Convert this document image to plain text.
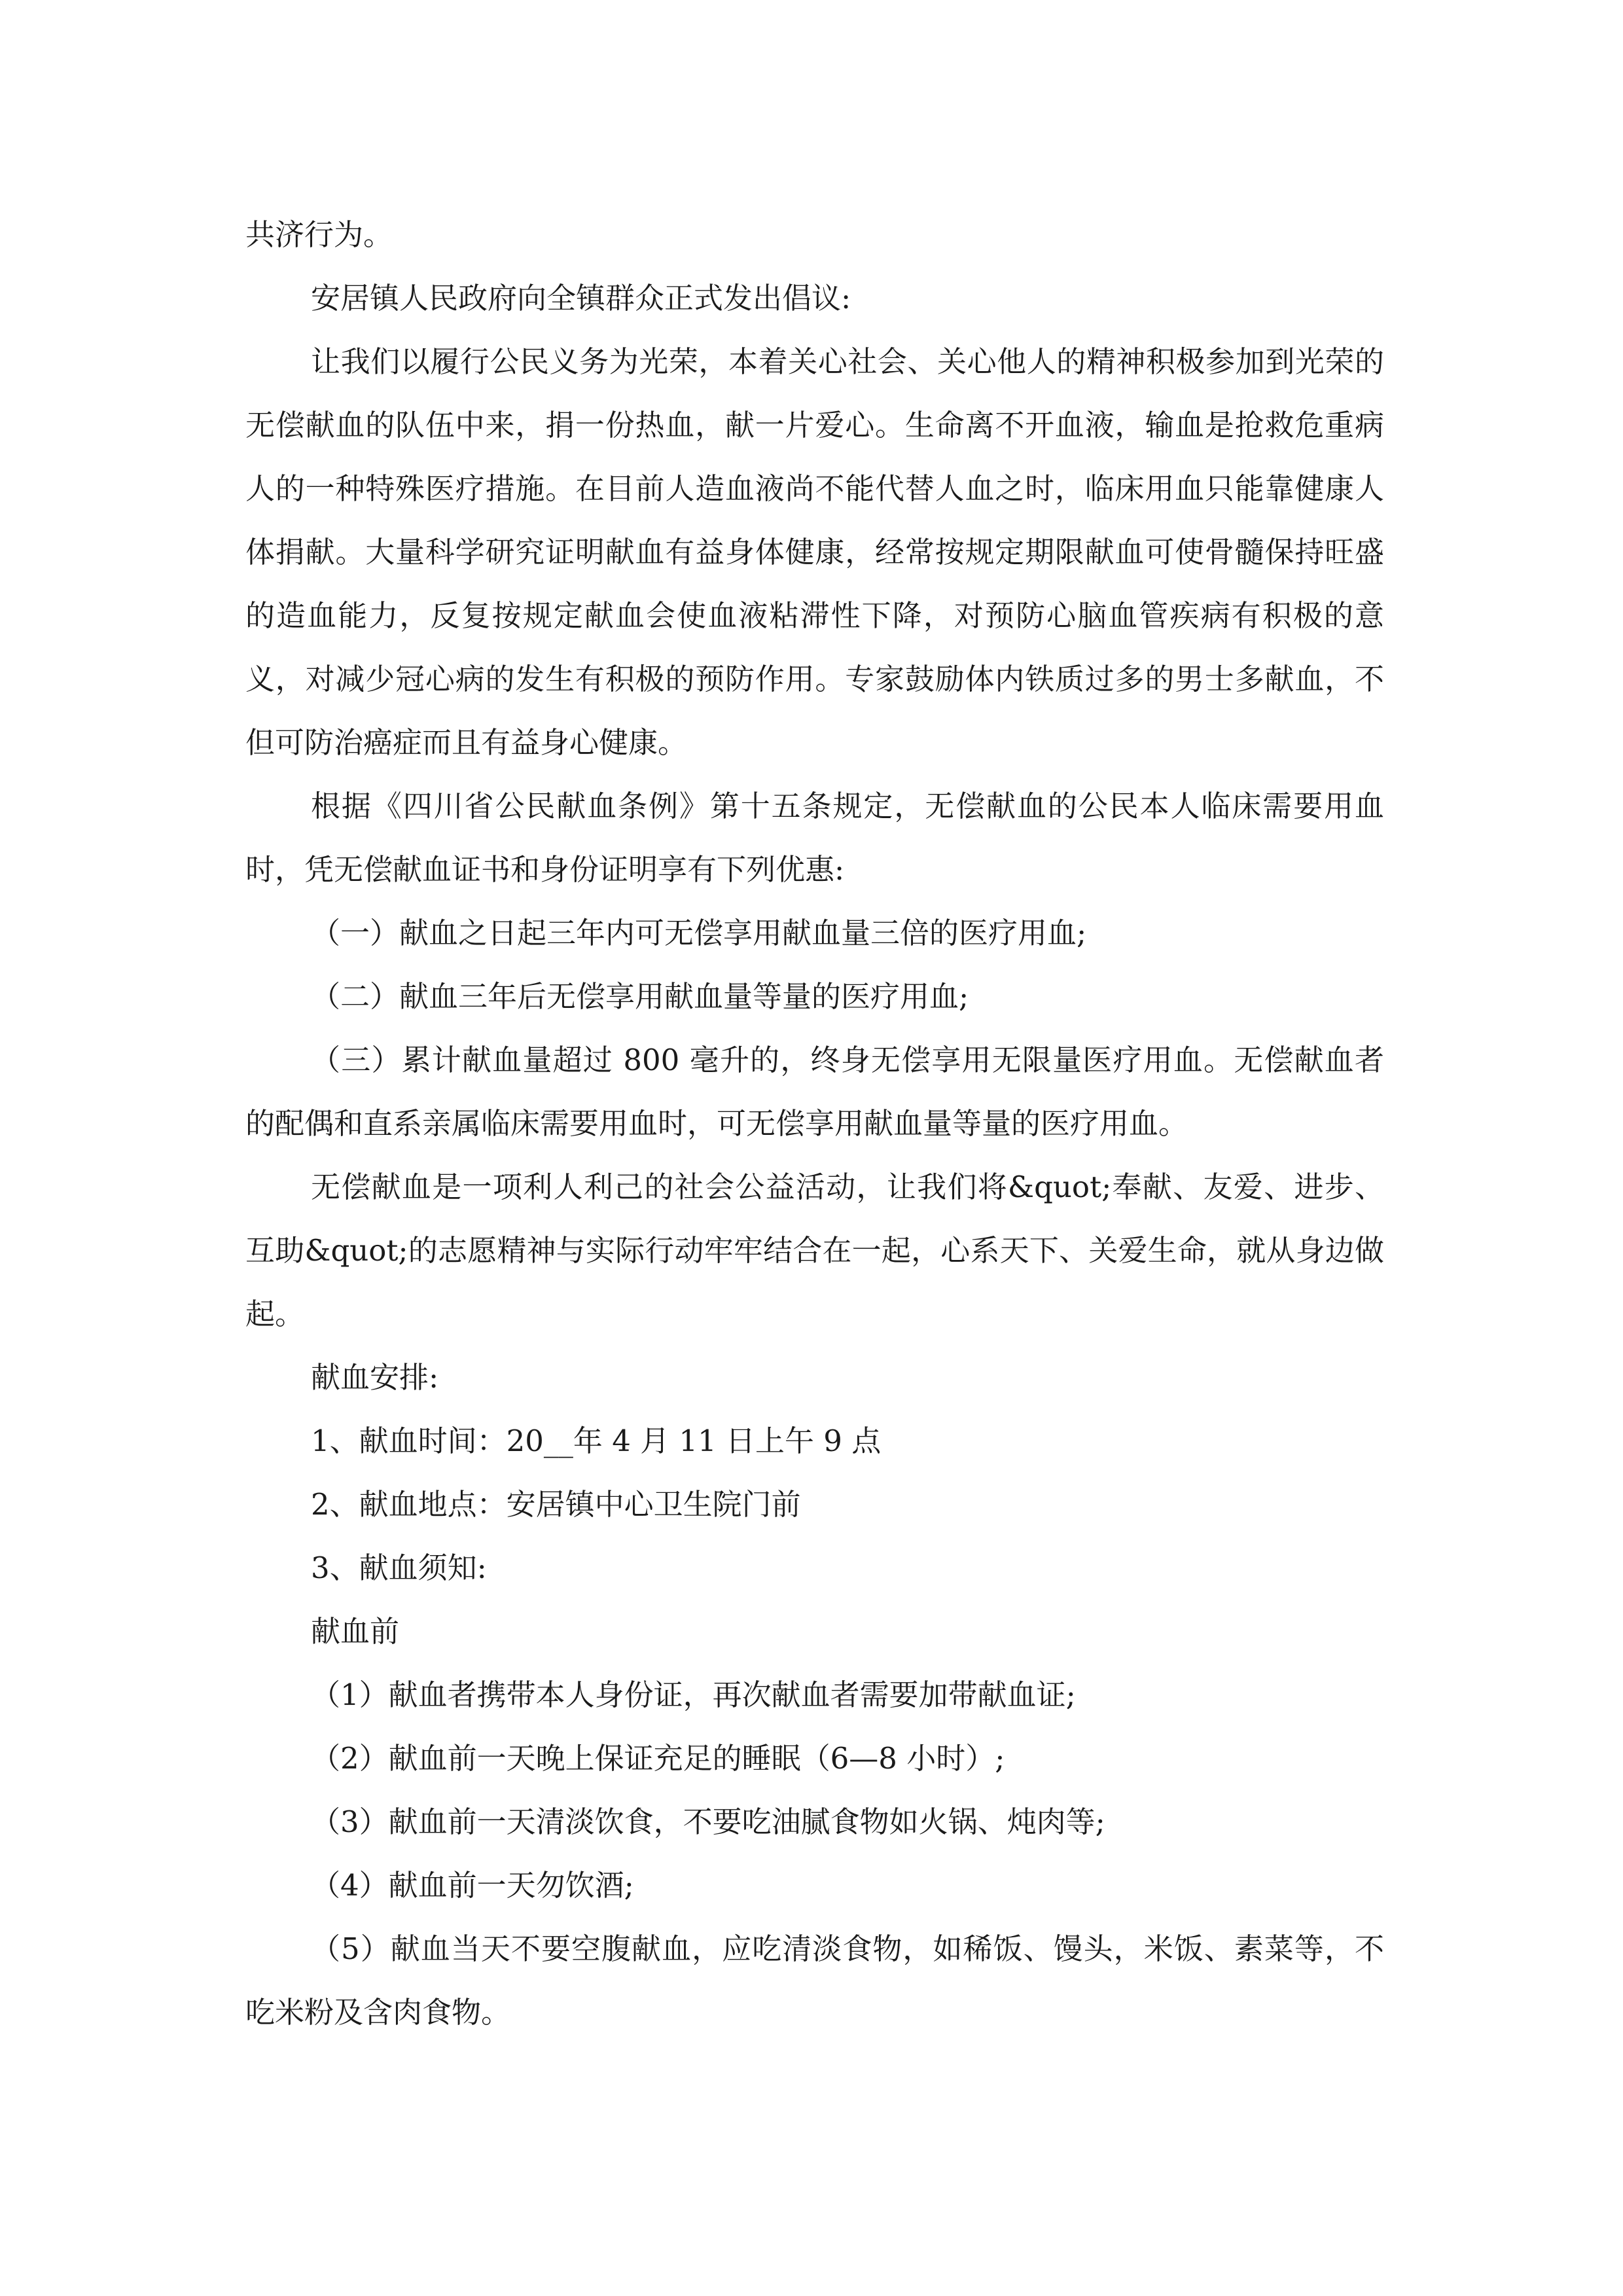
共济行为。

安居镇人民政府向全镇群众正式发出倡议:

让我们以履行公民义务为光荣，本着关心社会、关心他人的精神积极参加到光荣的无偿献血的队伍中来，捐一份热血，献一片爱心。生命离不开血液，输血是抢救危重病人的一种特殊医疗措施。在目前人造血液尚不能代替人血之时，临床用血只能靠健康人体捐献。大量科学研究证明献血有益身体健康，经常按规定期限献血可使骨髓保持旺盛的造血能力，反复按规定献血会使血液粘滞性下降，对预防心脑血管疾病有积极的意义，对减少冠心病的发生有积极的预防作用。专家鼓励体内铁质过多的男士多献血，不但可防治癌症而且有益身心健康。

根据《四川省公民献血条例》第十五条规定，无偿献血的公民本人临床需要用血时，凭无偿献血证书和身份证明享有下列优惠:

（一）献血之日起三年内可无偿享用献血量三倍的医疗用血;

（二）献血三年后无偿享用献血量等量的医疗用血;

（三）累计献血量超过 800 毫升的，终身无偿享用无限量医疗用血。无偿献血者的配偶和直系亲属临床需要用血时，可无偿享用献血量等量的医疗用血。

无偿献血是一项利人利己的社会公益活动，让我们将&quot;奉献、友爱、进步、互助&quot;的志愿精神与实际行动牢牢结合在一起，心系天下、关爱生命，就从身边做起。

献血安排:

1、献血时间：20__年 4 月 11 日上午 9 点

2、献血地点：安居镇中心卫生院门前

3、献血须知:

献血前

（1）献血者携带本人身份证，再次献血者需要加带献血证;

（2）献血前一天晚上保证充足的睡眠（6—8 小时）;

（3）献血前一天清淡饮食，不要吃油腻食物如火锅、炖肉等;

（4）献血前一天勿饮酒;

（5）献血当天不要空腹献血，应吃清淡食物，如稀饭、馒头，米饭、素菜等，不吃米粉及含肉食物。
